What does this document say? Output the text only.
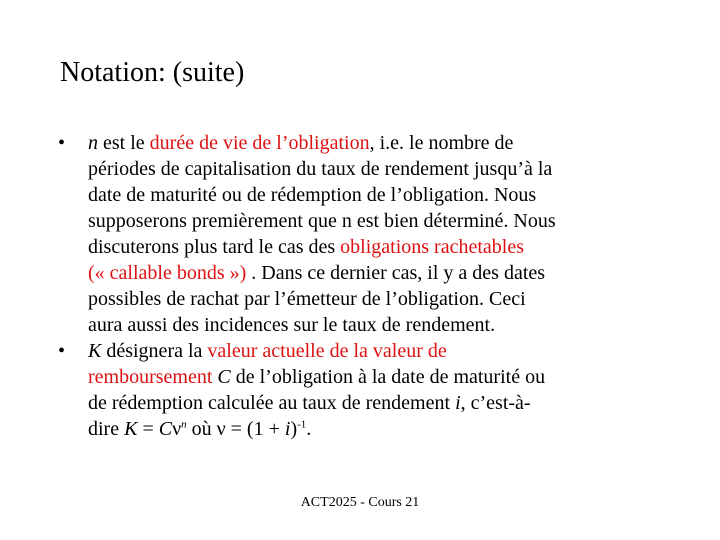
Notation: (suite)
• n est le durée de vie de l’obligation, i.e. le nombre de
périodes de capitalisation du taux de rendement jusqu’à la
date de maturité ou de rédemption de l’obligation. Nous
supposerons premièrement que n est bien déterminé. Nous
discuterons plus tard le cas des obligations rachetables
(« callable bonds ») . Dans ce dernier cas, il y a des dates
possibles de rachat par l’émetteur de l’obligation. Ceci
aura aussi des incidences sur le taux de rendement.
• K désignera la valeur actuelle de la valeur de
remboursement C de l’obligation à la date de maturité ou
de rédemption calculée au taux de rendement i, c’est-à-
dire $K = C\nu^n$ où $\nu = (1 + i)^{-1}$.
ACT2025 - Cours 21
